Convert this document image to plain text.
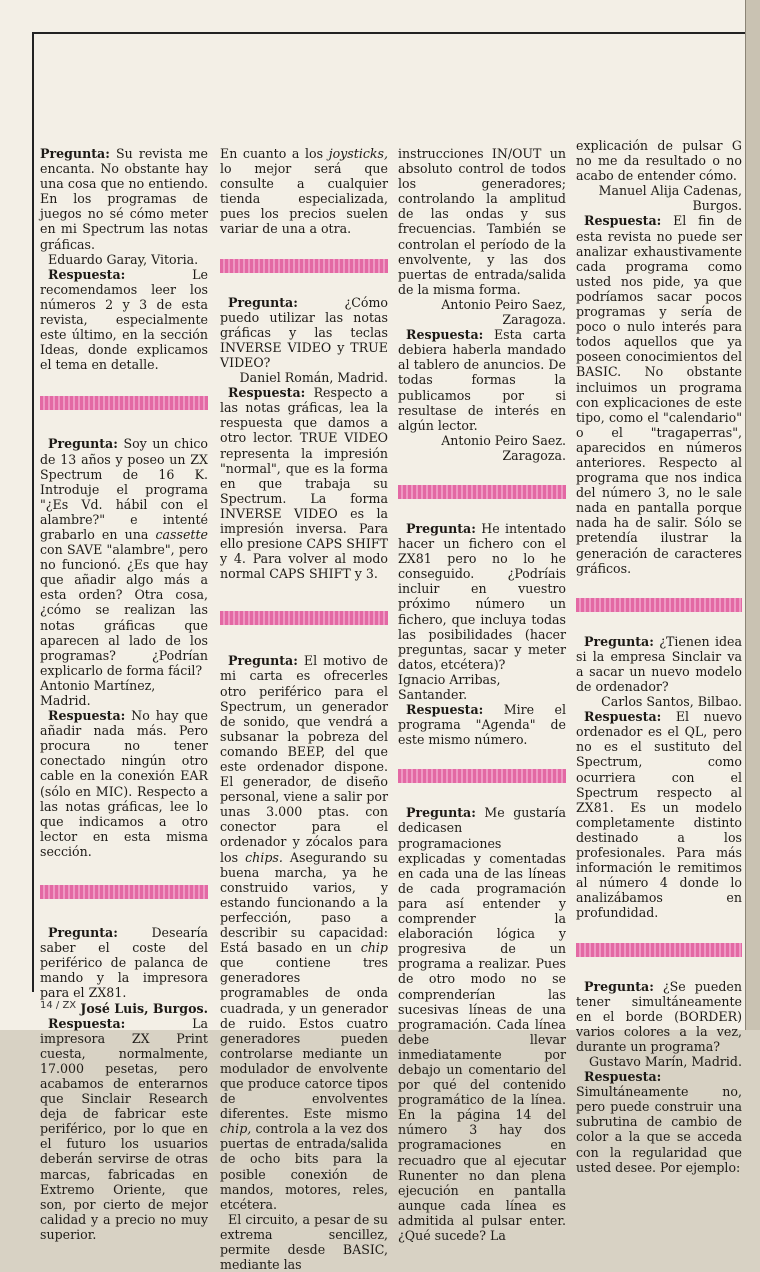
Pregunta: Su revista me encanta. No obstante hay una cosa que no entiendo. En los programas de juegos no sé cómo meter en mi Spectrum las notas gráficas.

Eduardo Garay, Vitoria.

Respuesta: Le recomendamos leer los números 2 y 3 de esta revista, especialmente este último, en la sección Ideas, donde explicamos el tema en detalle.

Pregunta: Soy un chico de 13 años y poseo un ZX Spectrum de 16 K. Introduje el programa "¿Es Vd. hábil con el alambre?" e intenté grabarlo en una cassette con SAVE "alambre", pero no funcionó. ¿Es que hay que añadir algo más a esta orden? Otra cosa, ¿cómo se realizan las notas gráficas que aparecen al lado de los programas? ¿Podrían explicarlo de forma fácil?

Antonio Martínez, Madrid.

Respuesta: No hay que añadir nada más. Pero procura no tener conectado ningún otro cable en la conexión EAR (sólo en MIC). Respecto a las notas gráficas, lee lo que indicamos a otro lector en esta misma sección.

Pregunta: Desearía saber el coste del periférico de palanca de mando y la impresora para el ZX81.

José Luis, Burgos.

Respuesta: La impresora ZX Print cuesta, normalmente, 17.000 pesetas, pero acabamos de enterarnos que Sinclair Research deja de fabricar este periférico, por lo que en el futuro los usuarios deberán servirse de otras marcas, fabricadas en Extremo Oriente, que son, por cierto de mejor calidad y a precio no muy superior.

En cuanto a los joysticks, lo mejor será que consulte a cualquier tienda especializada, pues los precios suelen variar de una a otra.

Pregunta: ¿Cómo puedo utilizar las notas gráficas y las teclas INVERSE VIDEO y TRUE VIDEO?

Daniel Román, Madrid.

Respuesta: Respecto a las notas gráficas, lea la respuesta que damos a otro lector. TRUE VIDEO representa la impresión "normal", que es la forma en que trabaja su Spectrum. La forma INVERSE VIDEO es la impresión inversa. Para ello presione CAPS SHIFT y 4. Para volver al modo normal CAPS SHIFT y 3.

Pregunta: El motivo de mi carta es ofrecerles otro periférico para el Spectrum, un generador de sonido, que vendrá a subsanar la pobreza del comando BEEP, del que este ordenador dispone. El generador, de diseño personal, viene a salir por unas 3.000 ptas. con conector para el ordenador y zócalos para los chips. Asegurando su buena marcha, ya he construido varios, y estando funcionando a la perfección, paso a describir su capacidad: Está basado en un chip que contiene tres generadores programables de onda cuadrada, y un generador de ruido. Estos cuatro generadores pueden controlarse mediante un modulador de envolvente que produce catorce tipos de envolventes diferentes. Este mismo chip, controla a la vez dos puertas de entrada/salida de ocho bits para la posible conexión de mandos, motores, reles, etcétera.

El circuito, a pesar de su extrema sencillez, permite desde BASIC, mediante las

instrucciones IN/OUT un absoluto control de todos los generadores; controlando la amplitud de las ondas y sus frecuencias. También se controlan el período de la envolvente, y las dos puertas de entrada/salida de la misma forma.

Antonio Peiro Saez,

Zaragoza.

Respuesta: Esta carta debiera haberla mandado al tablero de anuncios. De todas formas la publicamos por si resultase de interés en algún lector.

Antonio Peiro Saez.

Zaragoza.

Pregunta: He intentado hacer un fichero con el ZX81 pero no lo he conseguido. ¿Podríais incluir en vuestro próximo número un fichero, que incluya todas las posibilidades (hacer preguntas, sacar y meter datos, etcétera)?

Ignacio Arribas, Santander.

Respuesta: Mire el programa "Agenda" de este mismo número.

Pregunta: Me gustaría dedicasen programaciones explicadas y comentadas en cada una de las líneas de cada programación para así entender y comprender la elaboración lógica y progresiva de un programa a realizar. Pues de otro modo no se comprenderían las sucesivas líneas de una programación. Cada línea debe llevar inmediatamente por debajo un comentario del por qué del contenido programático de la línea. En la página 14 del número 3 hay dos programaciones en recuadro que al ejecutar Runenter no dan plena ejecución en pantalla aunque cada línea es admitida al pulsar enter. ¿Qué sucede? La

explicación de pulsar G no me da resultado o no acabo de entender cómo.

Manuel Alija Cadenas,

Burgos.

Respuesta: El fin de esta revista no puede ser analizar exhaustivamente cada programa como usted nos pide, ya que podríamos sacar pocos programas y sería de poco o nulo interés para todos aquellos que ya poseen conocimientos del BASIC. No obstante incluimos un programa con explicaciones de este tipo, como el "calendario" o el "tragaperras", aparecidos en números anteriores. Respecto al programa que nos indica del número 3, no le sale nada en pantalla porque nada ha de salir. Sólo se pretendía ilustrar la generación de caracteres gráficos.

Pregunta: ¿Tienen idea si la empresa Sinclair va a sacar un nuevo modelo de ordenador?

Carlos Santos, Bilbao.

Respuesta: El nuevo ordenador es el QL, pero no es el sustituto del Spectrum, como ocurriera con el Spectrum respecto al ZX81. Es un modelo completamente distinto destinado a los profesionales. Para más información le remitimos al número 4 donde lo analizábamos en profundidad.

Pregunta: ¿Se pueden tener simultáneamente en el borde (BORDER) varios colores a la vez, durante un programa?

Gustavo Marín, Madrid.

Respuesta: Simultáneamente no, pero puede construir una subrutina de cambio de color a la que se acceda con la regularidad que usted desee. Por ejemplo:

14 / ZX
